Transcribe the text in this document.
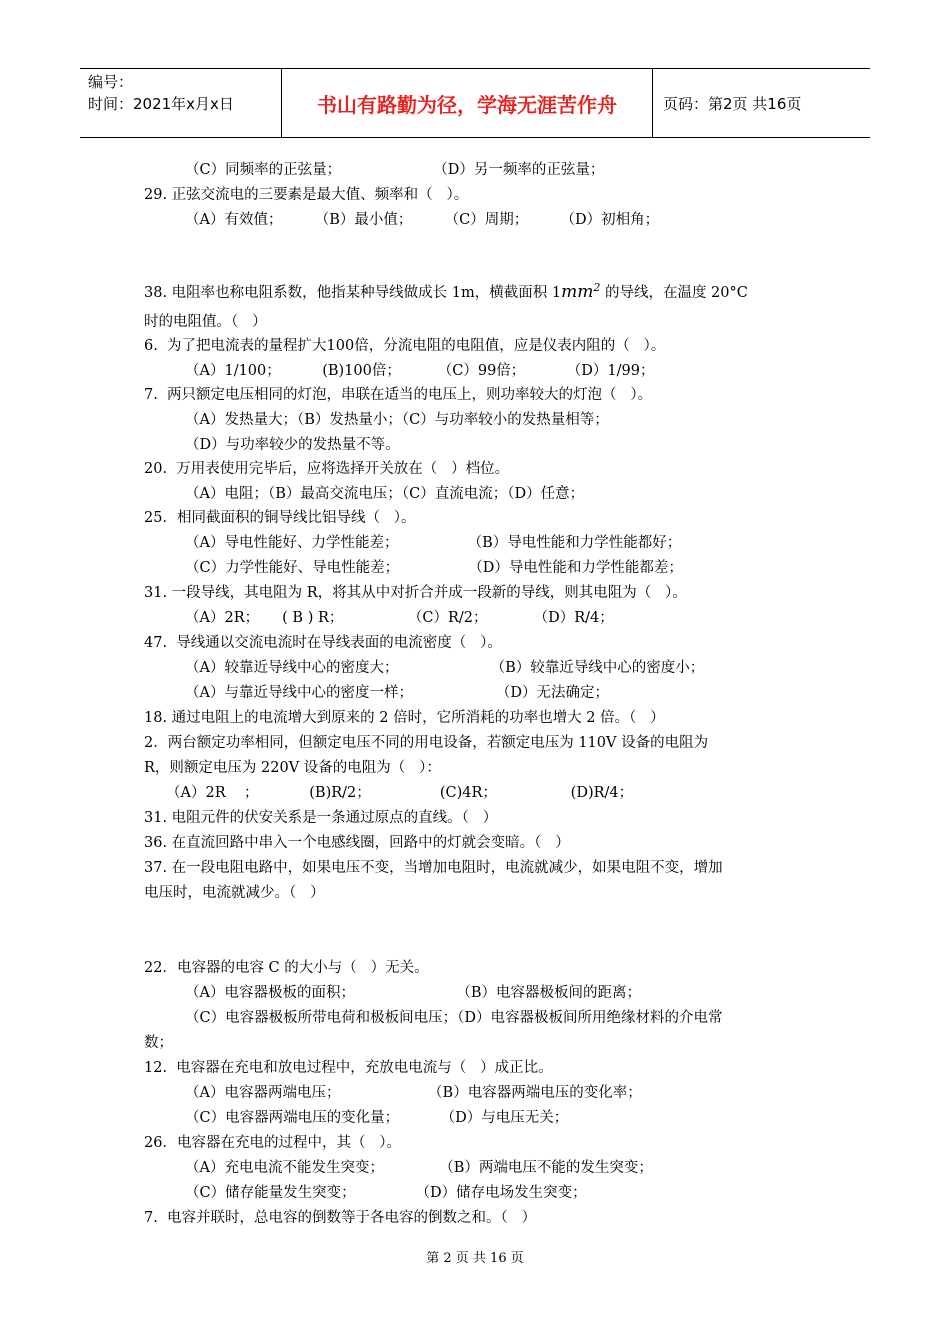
编号：
时间：2021年x月x日	书山有路勤为径，学海无涯苦作舟	页码：第2页 共16页
（C）同频率的正弦量；                    （D）另一频率的正弦量；
29. 正弦交流电的三要素是最大值、频率和（   ）。
（A）有效值；       （B）最小值；       （C）周期；       （D）初相角；
38. 电阻率也称电阻系数，他指某种导线做成长 1m，横截面积 $1mm^2$ 的导线，在温度 20°C
时的电阻值。（   ）
6.  为了把电流表的量程扩大100倍，分流电阻的电阻值，应是仪表内阻的（   ）。
（A）1/100；         (B)100倍；        （C）99倍；         （D）1/99；
7.  两只额定电压相同的灯泡，串联在适当的电压上，则功率较大的灯泡（   ）。
（A）发热量大；（B）发热量小；（C）与功率较小的发热量相等；
（D）与功率较少的发热量不等。
20.  万用表使用完毕后，应将选择开关放在（   ）档位。
（A）电阻；（B）最高交流电压；（C）直流电流；（D）任意；
25．相同截面积的铜导线比铝导线（   ）。
（A）导电性能好、力学性能差；               （B）导电性能和力学性能都好；
（C）力学性能好、导电性能差；               （D）导电性能和力学性能都差；
31. 一段导线，其电阻为 R，将其从中对折合并成一段新的导线，则其电阻为（   ）。
（A）2R；     ( B ) R；              （C）R/2；          （D）R/4；
47.  导线通以交流电流时在导线表面的电流密度（   ）。
（A）较靠近导线中心的密度大；                    （B）较靠近导线中心的密度小；
（A）与靠近导线中心的密度一样；                  （D）无法确定；
18. 通过电阻上的电流增大到原来的 2 倍时，它所消耗的功率也增大 2 倍。（   ）
2．两台额定功率相同，但额定电压不同的用电设备，若额定电压为 110V 设备的电阻为
R，则额定电压为 220V 设备的电阻为（   ）：
（A）2R    ；           (B)R/2；               (C)4R；                (D)R/4；
31. 电阻元件的伏安关系是一条通过原点的直线。（   ）
36. 在直流回路中串入一个电感线圈，回路中的灯就会变暗。（   ）
37. 在一段电阻电路中，如果电压不变，当增加电阻时，电流就减少，如果电阻不变，增加
电压时，电流就减少。（   ）
22．电容器的电容 C 的大小与（   ）无关。
（A）电容器极板的面积；                      （B）电容器极板间的距离；
（C）电容器极板所带电荷和极板间电压；（D）电容器极板间所用绝缘材料的介电常
数；
12.  电容器在充电和放电过程中，充放电电流与（   ）成正比。
（A）电容器两端电压；                   （B）电容器两端电压的变化率；
（C）电容器两端电压的变化量；         （D）与电压无关；
26．电容器在充电的过程中，其（   ）。
（A）充电电流不能发生突变；            （B）两端电压不能的发生突变；
（C）储存能量发生突变；             （D）储存电场发生突变；
7.  电容并联时，总电容的倒数等于各电容的倒数之和。（   ）
第 2 页 共 16 页
